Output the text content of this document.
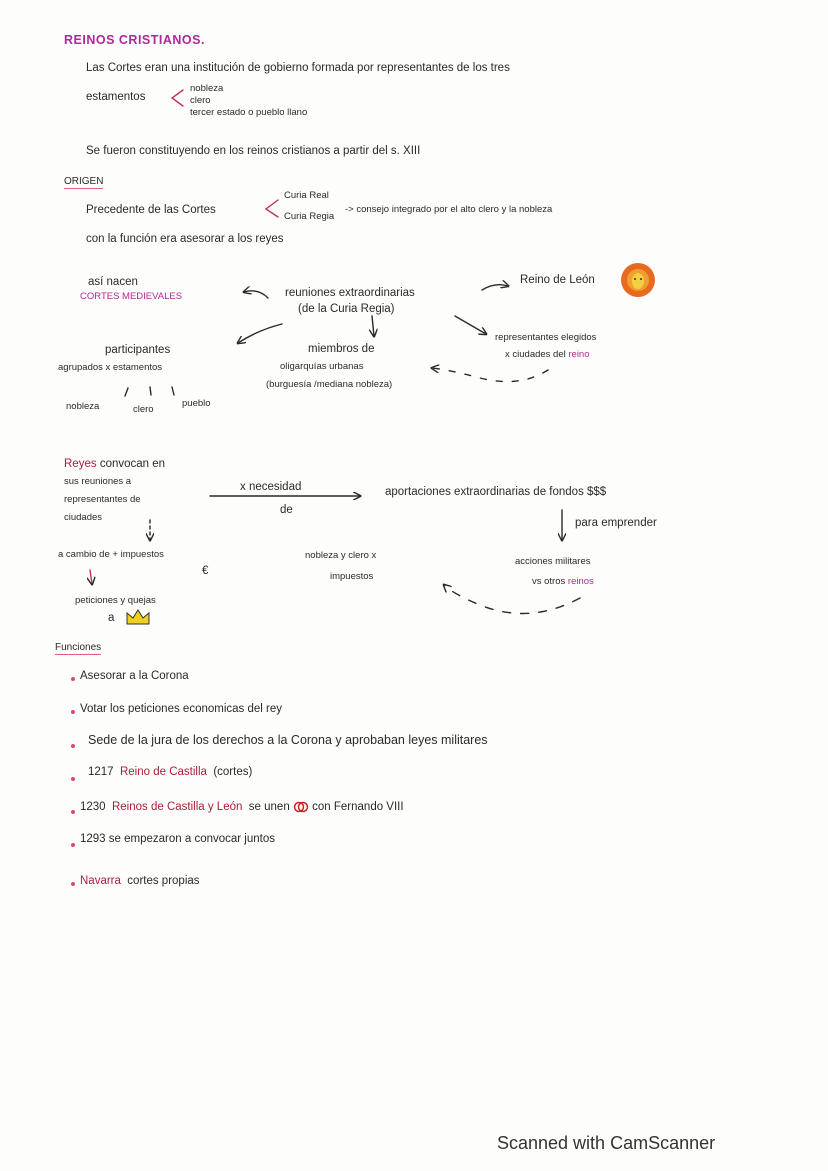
REINOS CRISTIANOS.
Las Cortes eran una institución de gobierno formada por representantes de los tres
estamentos
nobleza
clero
tercer estado o pueblo llano
Se fueron constituyendo en los reinos cristianos a partir del s. XIII
ORIGEN
Precedente de las Cortes
Curia Real
Curia Regia
-> consejo integrado por el alto clero y la nobleza
con la función era asesorar a los reyes
así nacen
CORTES MEDIEVALES	reuniones extraordinarias
(de la Curia Regia)
Reino de León
representantes elegidos
x ciudades del reino
participantes
agrupados x estamentos
nobleza	clero
pueblo
miembros de
oligarquías urbanas
(burguesía /mediana nobleza)
Reyes convocan en
sus reuniones a
representantes de
ciudades
x necesidad
de
aportaciones extraordinarias de fondos $$$
para emprender
a cambio de + impuestos
€
peticiones y quejas
a
nobleza y clero x
impuestos
acciones militares
vs otros reinos
Funciones
Asesorar a la Corona
Votar los peticiones economicas del rey
Sede de la jura de los derechos a la Corona y aprobaban leyes militares
1217 Reino de Castilla (cortes)
1230 Reinos de Castilla y León se unen con Fernando VIII
1293 se empezaron a convocar juntos
Navarra cortes propias
Scanned with CamScanner
